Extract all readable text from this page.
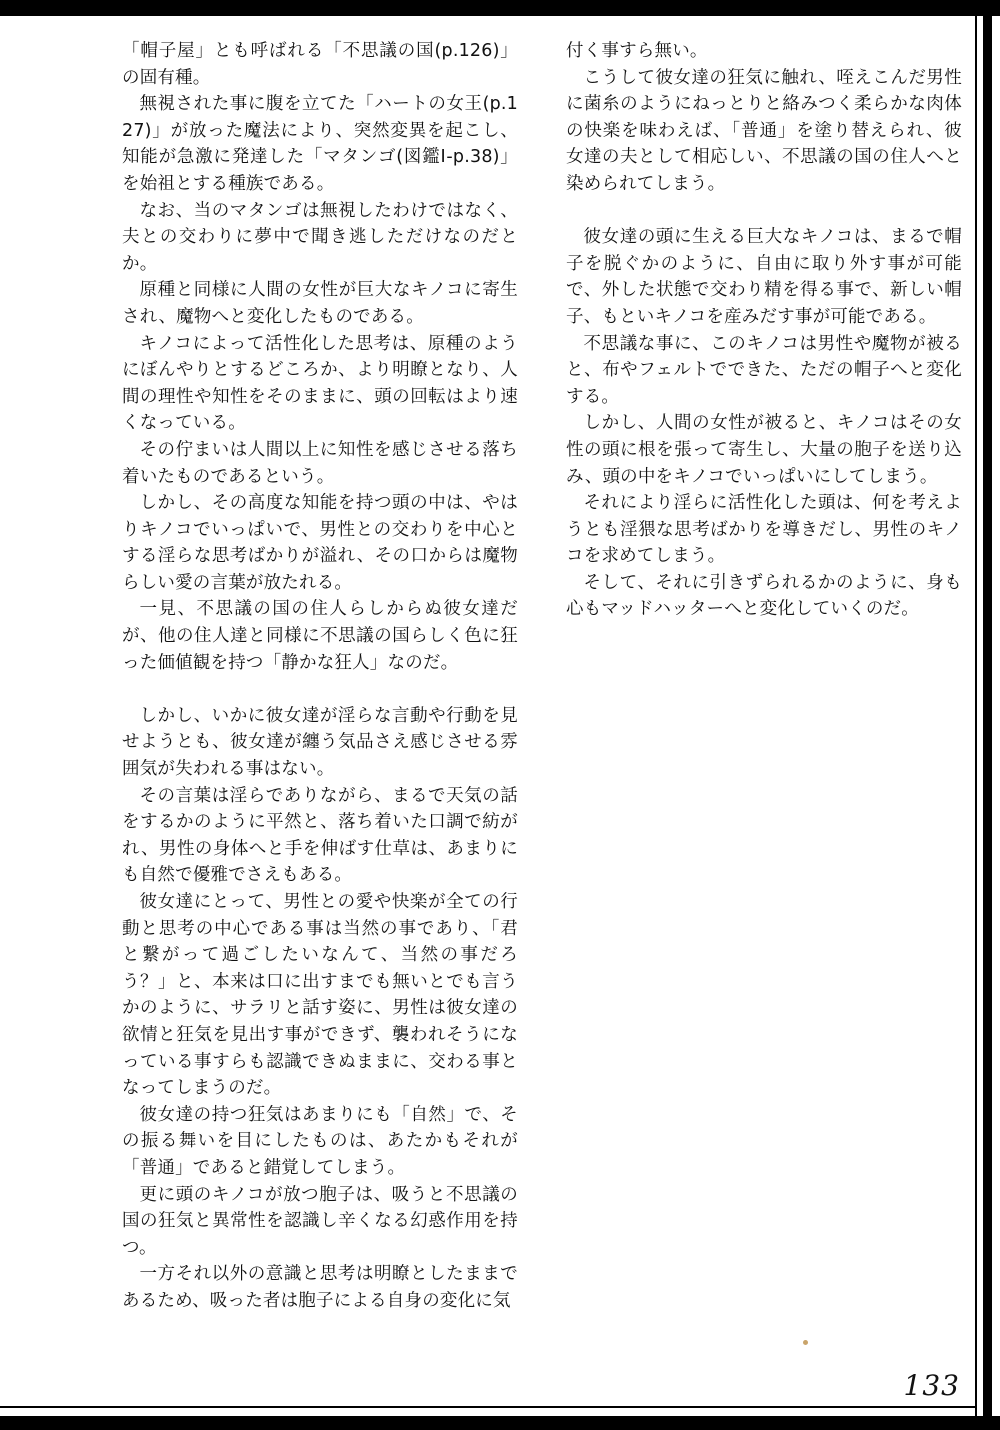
「帽子屋」とも呼ばれる「不思議の国(p.126)」の固有種。

無視された事に腹を立てた「ハートの女王(p.127)」が放った魔法により、突然変異を起こし、知能が急激に発達した「マタンゴ(図鑑Ⅰ-p.38)」を始祖とする種族である。

なお、当のマタンゴは無視したわけではなく、夫との交わりに夢中で聞き逃しただけなのだとか。

原種と同様に人間の女性が巨大なキノコに寄生され、魔物へと変化したものである。

キノコによって活性化した思考は、原種のようにぼんやりとするどころか、より明瞭となり、人間の理性や知性をそのままに、頭の回転はより速くなっている。

その佇まいは人間以上に知性を感じさせる落ち着いたものであるという。

しかし、その高度な知能を持つ頭の中は、やはりキノコでいっぱいで、男性との交わりを中心とする淫らな思考ばかりが溢れ、その口からは魔物らしい愛の言葉が放たれる。

一見、不思議の国の住人らしからぬ彼女達だが、他の住人達と同様に不思議の国らしく色に狂った価値観を持つ「静かな狂人」なのだ。

しかし、いかに彼女達が淫らな言動や行動を見せようとも、彼女達が纏う気品さえ感じさせる雰囲気が失われる事はない。

その言葉は淫らでありながら、まるで天気の話をするかのように平然と、落ち着いた口調で紡がれ、男性の身体へと手を伸ばす仕草は、あまりにも自然で優雅でさえもある。

彼女達にとって、男性との愛や快楽が全ての行動と思考の中心である事は当然の事であり、「君と繋がって過ごしたいなんて、当然の事だろう？」と、本来は口に出すまでも無いとでも言うかのように、サラリと話す姿に、男性は彼女達の欲情と狂気を見出す事ができず、襲われそうになっている事すらも認識できぬままに、交わる事となってしまうのだ。

彼女達の持つ狂気はあまりにも「自然」で、その振る舞いを目にしたものは、あたかもそれが「普通」であると錯覚してしまう。

更に頭のキノコが放つ胞子は、吸うと不思議の国の狂気と異常性を認識し辛くなる幻惑作用を持つ。

一方それ以外の意識と思考は明瞭としたままであるため、吸った者は胞子による自身の変化に気

付く事すら無い。

こうして彼女達の狂気に触れ、咥えこんだ男性に菌糸のようにねっとりと絡みつく柔らかな肉体の快楽を味わえば、「普通」を塗り替えられ、彼女達の夫として相応しい、不思議の国の住人へと染められてしまう。

彼女達の頭に生える巨大なキノコは、まるで帽子を脱ぐかのように、自由に取り外す事が可能で、外した状態で交わり精を得る事で、新しい帽子、もといキノコを産みだす事が可能である。

不思議な事に、このキノコは男性や魔物が被ると、布やフェルトでできた、ただの帽子へと変化する。

しかし、人間の女性が被ると、キノコはその女性の頭に根を張って寄生し、大量の胞子を送り込み、頭の中をキノコでいっぱいにしてしまう。

それにより淫らに活性化した頭は、何を考えようとも淫猥な思考ばかりを導きだし、男性のキノコを求めてしまう。

そして、それに引きずられるかのように、身も心もマッドハッターへと変化していくのだ。

133
